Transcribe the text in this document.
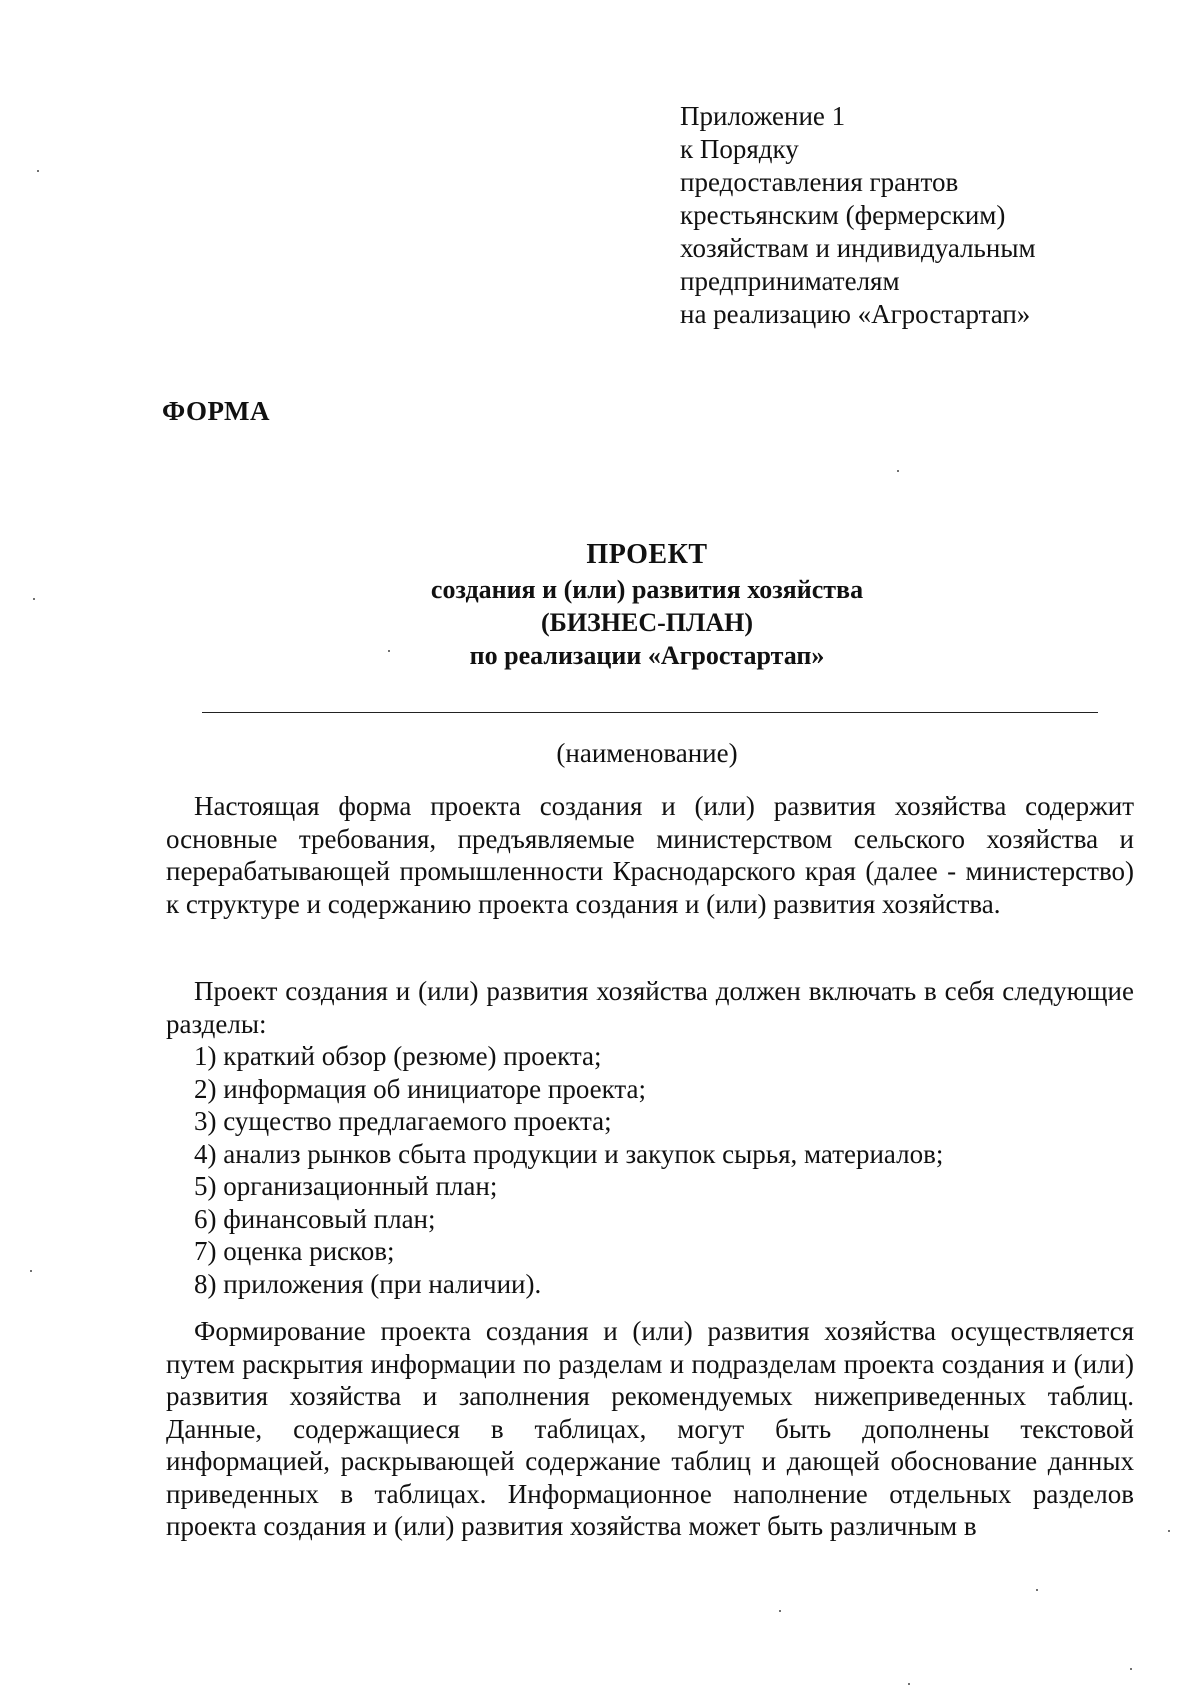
Приложение 1
к Порядку
предоставления грантов
крестьянским (фермерским)
хозяйствам и индивидуальным
предпринимателям
на реализацию «Агростартап»
ФОРМА
ПРОЕКТ
создания и (или) развития хозяйства
(БИЗНЕС-ПЛАН)
по реализации «Агростартап»
(наименование)
Настоящая форма проекта создания и (или) развития хозяйства содержит основные требования, предъявляемые министерством сельского хозяйства и перерабатывающей промышленности Краснодарского края (далее - министерство) к структуре и содержанию проекта создания и (или) развития хозяйства.
Проект создания и (или) развития хозяйства должен включать в себя следующие разделы:
1) краткий обзор (резюме) проекта;
2) информация об инициаторе проекта;
3) существо предлагаемого проекта;
4) анализ рынков сбыта продукции и закупок сырья, материалов;
5) организационный план;
6) финансовый план;
7) оценка рисков;
8) приложения (при наличии).
Формирование проекта создания и (или) развития хозяйства осуществляется путем раскрытия информации по разделам и подразделам проекта создания и (или) развития хозяйства и заполнения рекомендуемых нижеприведенных таблиц. Данные, содержащиеся в таблицах, могут быть дополнены текстовой информацией, раскрывающей содержание таблиц и дающей обоснование данных приведенных в таблицах. Информационное наполнение отдельных разделов проекта создания и (или) развития хозяйства может быть различным в
